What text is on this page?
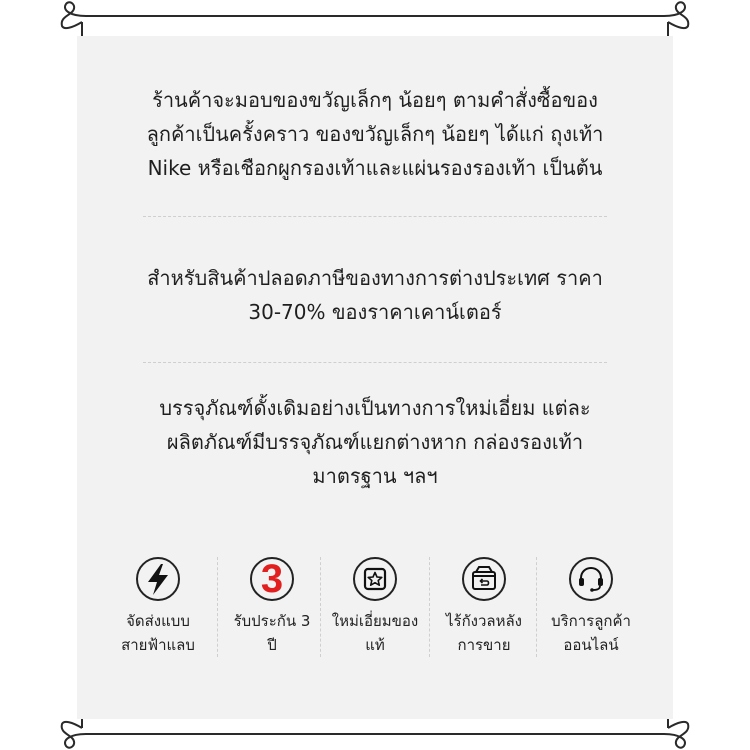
ร้านค้าจะมอบของขวัญเล็กๆ น้อยๆ ตามคำสั่งซื้อของ
ลูกค้าเป็นครั้งคราว ของขวัญเล็กๆ น้อยๆ ได้แก่ ถุงเท้า
Nike หรือเชือกผูกรองเท้าและแผ่นรองรองเท้า เป็นต้น
สำหรับสินค้าปลอดภาษีของทางการต่างประเทศ ราคา
30-70% ของราคาเคาน์เตอร์
บรรจุภัณฑ์ดั้งเดิมอย่างเป็นทางการใหม่เอี่ยม แต่ละ
ผลิตภัณฑ์มีบรรจุภัณฑ์แยกต่างหาก กล่องรองเท้า
มาตรฐาน ฯลฯ
จัดส่งแบบ
สายฟ้าแลบ
3
รับประกัน 3
ปี
ใหม่เอี่ยมของ
แท้
ไร้กังวลหลัง
การขาย
บริการลูกค้า
ออนไลน์
